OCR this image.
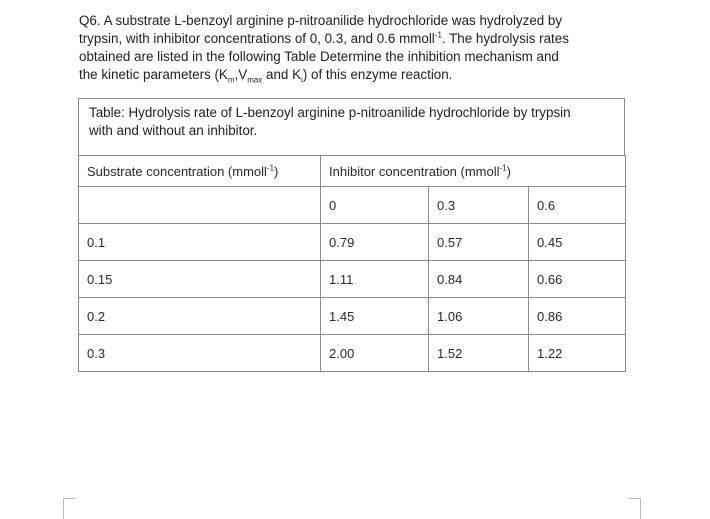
Q6. A substrate L-benzoyl arginine p-nitroanilide hydrochloride was hydrolyzed by
trypsin, with inhibitor concentrations of 0, 0.3, and 0.6 mmoll$^{-1}$. The hydrolysis rates
obtained are listed in the following Table Determine the inhibition mechanism and
the kinetic parameters ($K_m,V_{max}$ and $K_i$) of this enzyme reaction.
Table: Hydrolysis rate of L-benzoyl arginine p-nitroanilide hydrochloride by trypsin
with and without an inhibitor.
Substrate concentration (mmoll$^{-1}$)	Inhibitor concentration (mmoll$^{-1}$)		
	0	0.3	0.6
0.1	0.79	0.57	0.45
0.15	1.11	0.84	0.66
0.2	1.45	1.06	0.86
0.3	2.00	1.52	1.22
